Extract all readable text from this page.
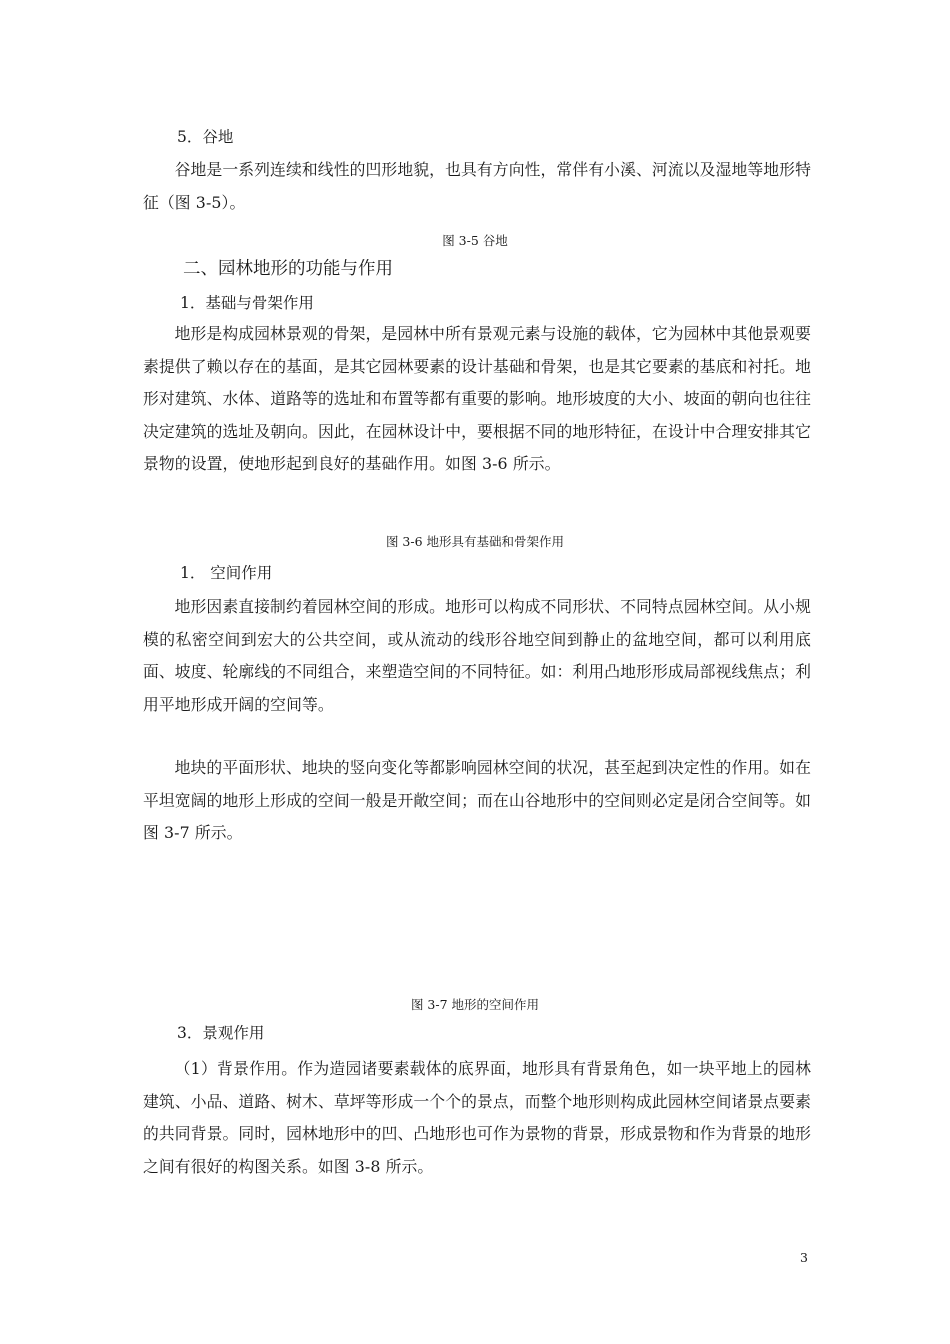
5．谷地

谷地是一系列连续和线性的凹形地貌，也具有方向性，常伴有小溪、河流以及湿地等地形特征（图 3-5）。

图 3-5 谷地
二、园林地形的功能与作用
1．基础与骨架作用

地形是构成园林景观的骨架，是园林中所有景观元素与设施的载体，它为园林中其他景观要素提供了赖以存在的基面，是其它园林要素的设计基础和骨架，也是其它要素的基底和衬托。地形对建筑、水体、道路等的选址和布置等都有重要的影响。地形坡度的大小、坡面的朝向也往往决定建筑的选址及朝向。因此，在园林设计中，要根据不同的地形特征，在设计中合理安排其它景物的设置，使地形起到良好的基础作用。如图 3-6 所示。

图 3-6 地形具有基础和骨架作用
1． 空间作用

地形因素直接制约着园林空间的形成。地形可以构成不同形状、不同特点园林空间。从小规模的私密空间到宏大的公共空间，或从流动的线形谷地空间到静止的盆地空间，都可以利用底面、坡度、轮廓线的不同组合，来塑造空间的不同特征。如：利用凸地形形成局部视线焦点；利用平地形成开阔的空间等。

地块的平面形状、地块的竖向变化等都影响园林空间的状况，甚至起到决定性的作用。如在平坦宽阔的地形上形成的空间一般是开敞空间；而在山谷地形中的空间则必定是闭合空间等。如图 3-7 所示。

图 3-7 地形的空间作用
3．景观作用

（1）背景作用。作为造园诸要素载体的底界面，地形具有背景角色，如一块平地上的园林建筑、小品、道路、树木、草坪等形成一个个的景点，而整个地形则构成此园林空间诸景点要素的共同背景。同时，园林地形中的凹、凸地形也可作为景物的背景，形成景物和作为背景的地形之间有很好的构图关系。如图 3-8 所示。

3
